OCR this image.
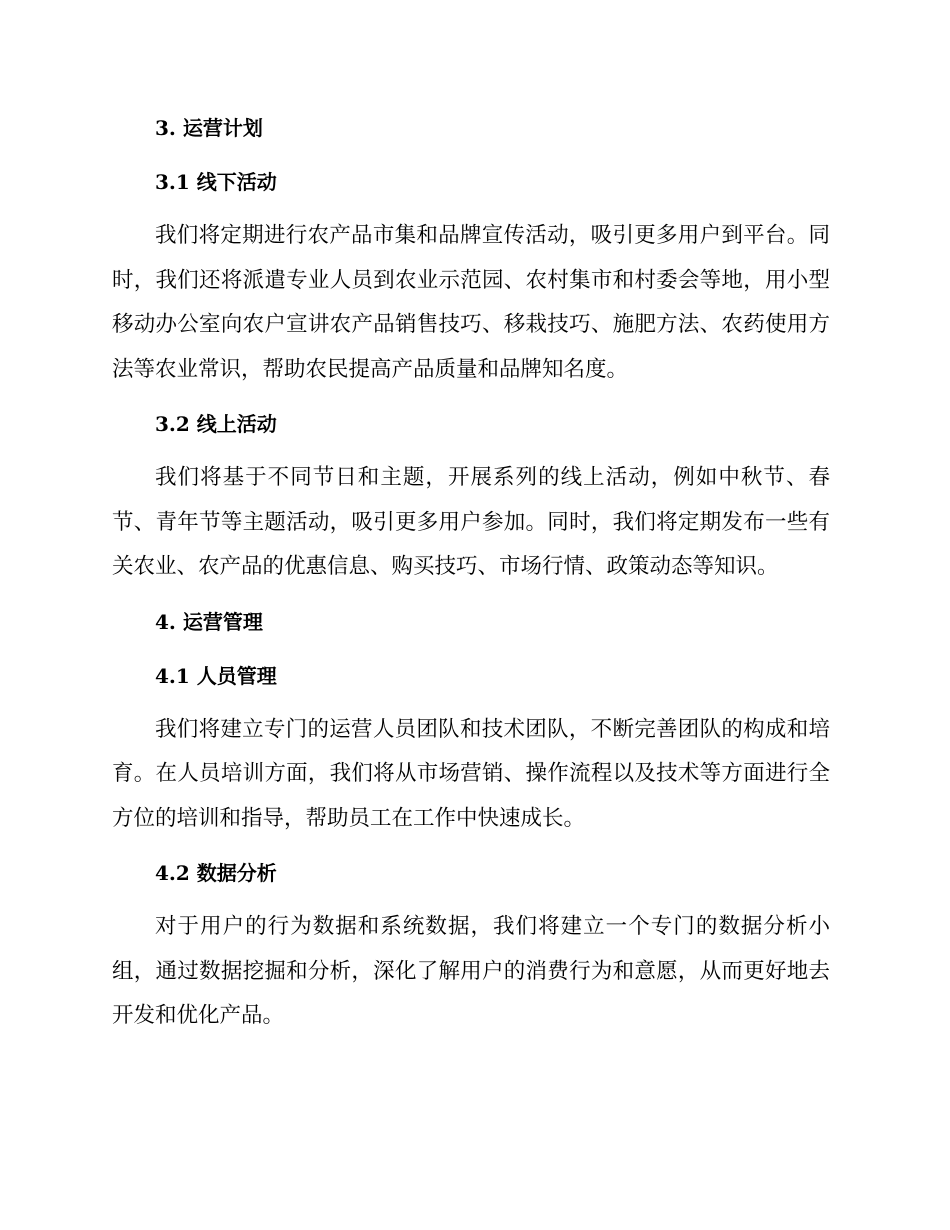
3. 运营计划
3.1 线下活动

我们将定期进行农产品市集和品牌宣传活动，吸引更多用户到平台。同时，我们还将派遣专业人员到农业示范园、农村集市和村委会等地，用小型移动办公室向农户宣讲农产品销售技巧、移栽技巧、施肥方法、农药使用方法等农业常识，帮助农民提高产品质量和品牌知名度。

3.2 线上活动

我们将基于不同节日和主题，开展系列的线上活动，例如中秋节、春节、青年节等主题活动，吸引更多用户参加。同时，我们将定期发布一些有关农业、农产品的优惠信息、购买技巧、市场行情、政策动态等知识。

4. 运营管理
4.1 人员管理

我们将建立专门的运营人员团队和技术团队，不断完善团队的构成和培育。在人员培训方面，我们将从市场营销、操作流程以及技术等方面进行全方位的培训和指导，帮助员工在工作中快速成长。

4.2 数据分析

对于用户的行为数据和系统数据，我们将建立一个专门的数据分析小组，通过数据挖掘和分析，深化了解用户的消费行为和意愿，从而更好地去开发和优化产品。
